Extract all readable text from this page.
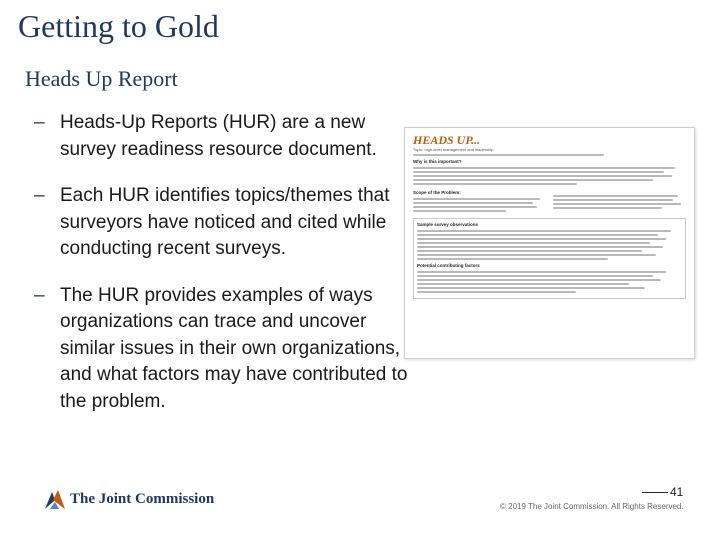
Getting to Gold
Heads Up Report
– Heads-Up Reports (HUR) are a new survey readiness resource document.
– Each HUR identifies topics/themes that surveyors have noticed and cited while conducting recent surveys.
– The HUR provides examples of ways organizations can trace and uncover similar issues in their own organizations, and what factors may have contributed to the problem.
HEADS UP...
Topic: high-level management and leadership
Why is this important?
Scope of the Problem:
Sample survey observations
Potential contributing factors
The Joint Commission	41
© 2019 The Joint Commission. All Rights Reserved.
